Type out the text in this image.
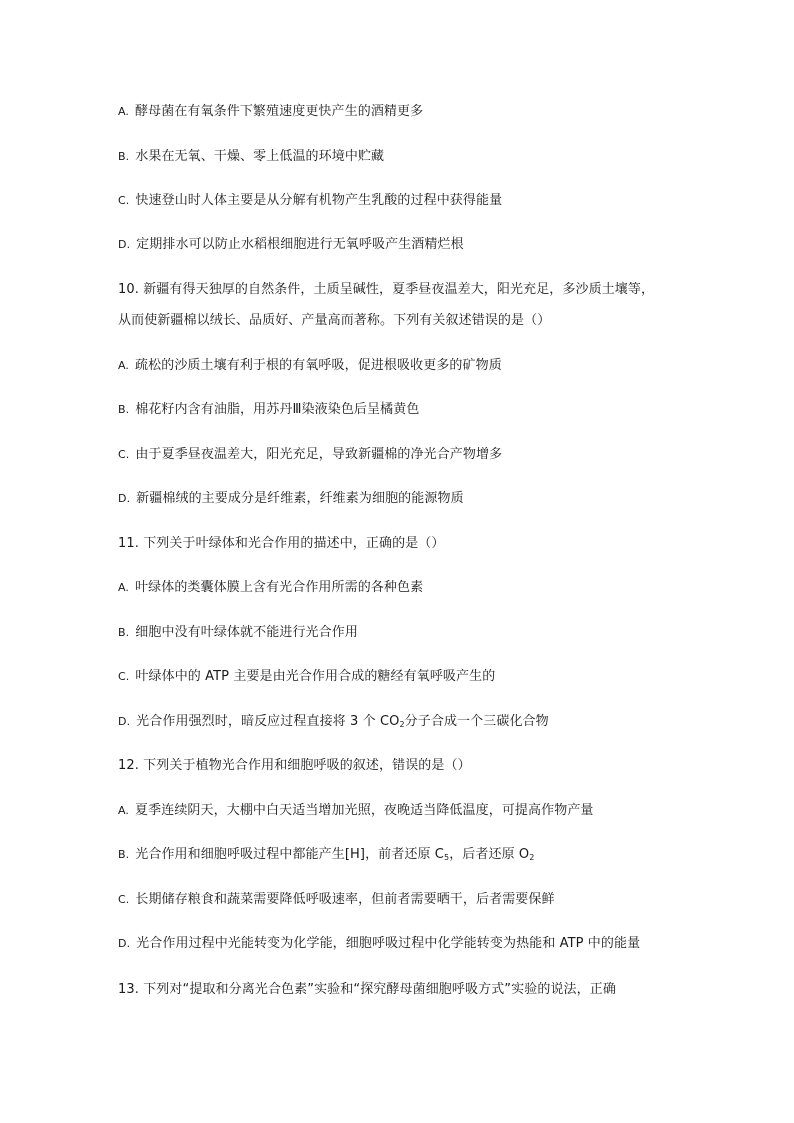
A. 酵母菌在有氧条件下繁殖速度更快产生的酒精更多
B. 水果在无氧、干燥、零上低温的环境中贮藏
C. 快速登山时人体主要是从分解有机物产生乳酸的过程中获得能量
D. 定期排水可以防止水稻根细胞进行无氧呼吸产生酒精烂根
10. 新疆有得天独厚的自然条件，土质呈碱性，夏季昼夜温差大，阳光充足，多沙质土壤等，
从而使新疆棉以绒长、品质好、产量高而著称。下列有关叙述错误的是（）
A. 疏松的沙质土壤有利于根的有氧呼吸，促进根吸收更多的矿物质
B. 棉花籽内含有油脂，用苏丹Ⅲ染液染色后呈橘黄色
C. 由于夏季昼夜温差大，阳光充足，导致新疆棉的净光合产物增多
D. 新疆棉绒的主要成分是纤维素，纤维素为细胞的能源物质
11. 下列关于叶绿体和光合作用的描述中，正确的是（）
A. 叶绿体的类囊体膜上含有光合作用所需的各种色素
B. 细胞中没有叶绿体就不能进行光合作用
C. 叶绿体中的 ATP 主要是由光合作用合成的糖经有氧呼吸产生的
D. 光合作用强烈时，暗反应过程直接将 3 个 $CO_2$分子合成一个三碳化合物
12. 下列关于植物光合作用和细胞呼吸的叙述，错误的是（）
A. 夏季连续阴天，大棚中白天适当增加光照，夜晚适当降低温度，可提高作物产量
B. 光合作用和细胞呼吸过程中都能产生[H]，前者还原 $C_5$，后者还原 $O_2$
C. 长期储存粮食和蔬菜需要降低呼吸速率，但前者需要晒干，后者需要保鲜
D. 光合作用过程中光能转变为化学能，细胞呼吸过程中化学能转变为热能和 ATP 中的能量
13. 下列对“提取和分离光合色素”实验和“探究酵母菌细胞呼吸方式”实验的说法，正确
